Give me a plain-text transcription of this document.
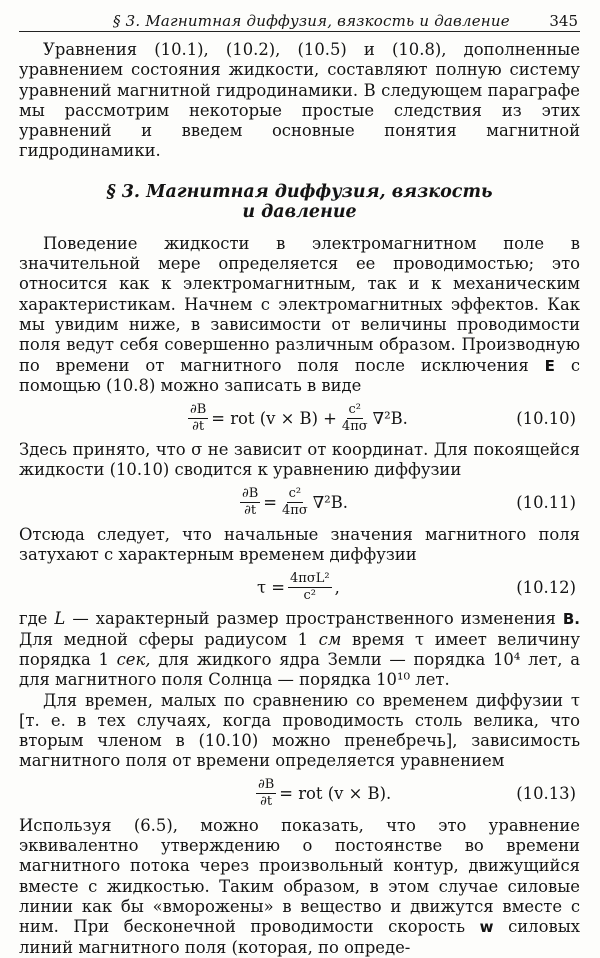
§ 3. Магнитная диффузия, вязкость и давление	345

Уравнения (10.1), (10.2), (10.5) и (10.8), дополненные уравнением состояния жидкости, составляют полную систему уравнений магнитной гидродинамики. В следующем параграфе мы рассмотрим некоторые простые следствия из этих уравнений и введем основные понятия магнитной гидродинамики.

§ 3. Магнитная диффузия, вязкость
и давление

Поведение жидкости в электромагнитном поле в значительной мере определяется ее проводимостью; это относится как к электромагнитным, так и к механическим характеристикам. Начнем с электромагнитных эффектов. Как мы увидим ниже, в зависимости от величины проводимости поля ведут себя совершенно различным образом. Производную по времени от магнитного поля после исключения E с помощью (10.8) можно записать в виде

$\frac{\partial B}{\partial t}$ = rot $(v \times B) + \frac{\text{c²}}{4\pi\sigma} \nabla^2B$.	(10.10)

Здесь принято, что σ не зависит от координат. Для покоящейся жидкости (10.10) сводится к уравнению диффузии

$\frac{\partial B}{\partial t} = \frac{\text{c²}}{4\pi\sigma} \nabla^2B$.	(10.11)

Отсюда следует, что начальные значения магнитного поля затухают с характерным временем диффузии

$\tau = \frac{\text{4πσL²}}{\text{c²}}$ ,	(10.12)

где L — характерный размер пространственного изменения B. Для медной сферы радиусом 1 см время τ имеет величину порядка 1 сек, для жидкого ядра Земли — порядка 10⁴ лет, а для магнитного поля Солнца — порядка 10¹⁰ лет.

Для времен, малых по сравнению со временем диффузии τ [т. е. в тех случаях, когда проводимость столь велика, что вторым членом в (10.10) можно пренебречь], зависимость магнитного поля от времени определяется уравнением

$\frac{\partial B}{\partial t}$ = rot (v × B).	(10.13)

Используя (6.5), можно показать, что это уравнение эквивалентно утверждению о постоянстве во времени магнитного потока через произвольный контур, движущийся вместе с жидкостью. Таким образом, в этом случае силовые линии как бы «вморожены» в вещество и движутся вместе с ним. При бесконечной проводимости скорость w силовых линий магнитного поля (которая, по опреде-
